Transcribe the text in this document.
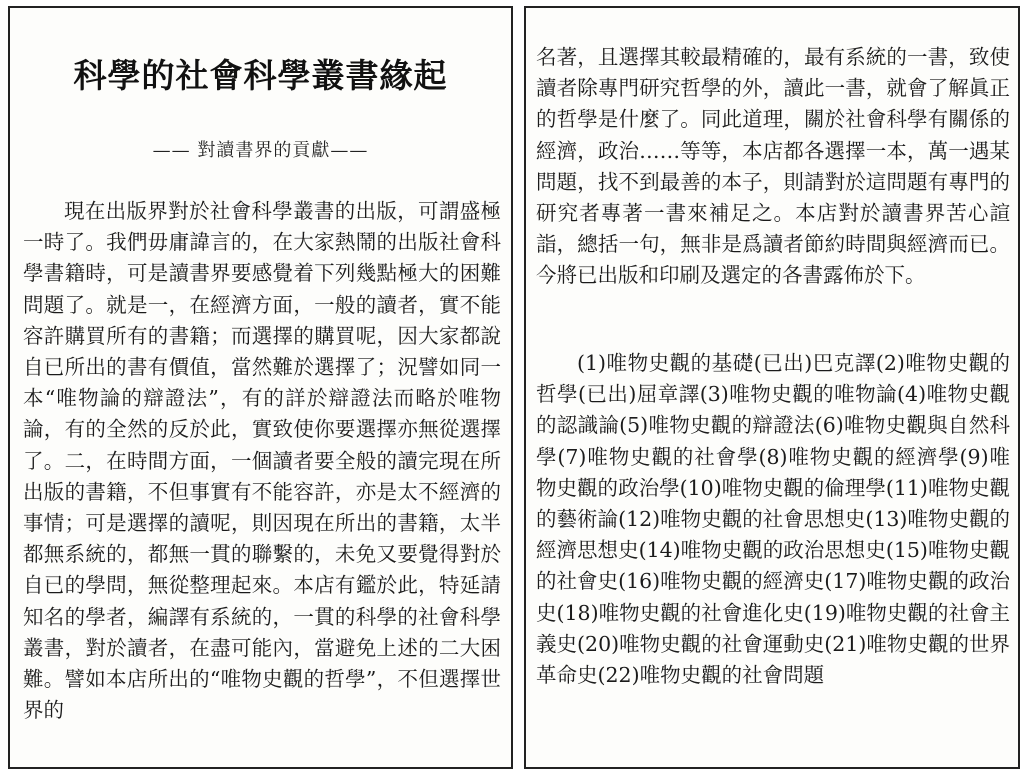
科學的社會科學叢書緣起
—— 對讀書界的貢獻——

現在出版界對於社會科學叢書的出版，可謂盛極一時了。我們毋庸諱言的，在大家熱鬧的出版社會科學書籍時，可是讀書界要感覺着下列幾點極大的困難問題了。就是一，在經濟方面，一般的讀者，實不能容許購買所有的書籍；而選擇的購買呢，因大家都說自已所出的書有價值，當然難於選擇了；況譬如同一本“唯物論的辯證法”，有的詳於辯證法而略於唯物論，有的全然的反於此，實致使你要選擇亦無從選擇了。二，在時間方面，一個讀者要全般的讀完現在所出版的書籍，不但事實有不能容許，亦是太不經濟的事情；可是選擇的讀呢，則因現在所出的書籍，太半都無系統的，都無一貫的聯繫的，未免又要覺得對於自已的學問，無從整理起來。本店有鑑於此，特延請知名的學者，編譯有系統的，一貫的科學的社會科學叢書，對於讀者，在盡可能內，當避免上述的二大困難。譬如本店所出的“唯物史觀的哲學”，不但選擇世界的

名著，且選擇其較最精確的，最有系統的一書，致使讀者除專門研究哲學的外，讀此一書，就會了解眞正的哲學是什麼了。同此道理，關於社會科學有關係的經濟，政治……等等，本店都各選擇一本，萬一遇某問題，找不到最善的本子，則請對於這問題有專門的研究者專著一書來補足之。本店對於讀書界苦心諠詣，總括一句，無非是爲讀者節約時間與經濟而已。今將已出版和印刷及選定的各書露佈於下。

(1)唯物史觀的基礎(已出)巴克譯(2)唯物史觀的哲學(已出)屈章譯(3)唯物史觀的唯物論(4)唯物史觀的認識論(5)唯物史觀的辯證法(6)唯物史觀與自然科學(7)唯物史觀的社會學(8)唯物史觀的經濟學(9)唯物史觀的政治學(10)唯物史觀的倫理學(11)唯物史觀的藝術論(12)唯物史觀的社會思想史(13)唯物史觀的經濟思想史(14)唯物史觀的政治思想史(15)唯物史觀的社會史(16)唯物史觀的經濟史(17)唯物史觀的政治史(18)唯物史觀的社會進化史(19)唯物史觀的社會主義史(20)唯物史觀的社會運動史(21)唯物史觀的世界革命史(22)唯物史觀的社會問題
